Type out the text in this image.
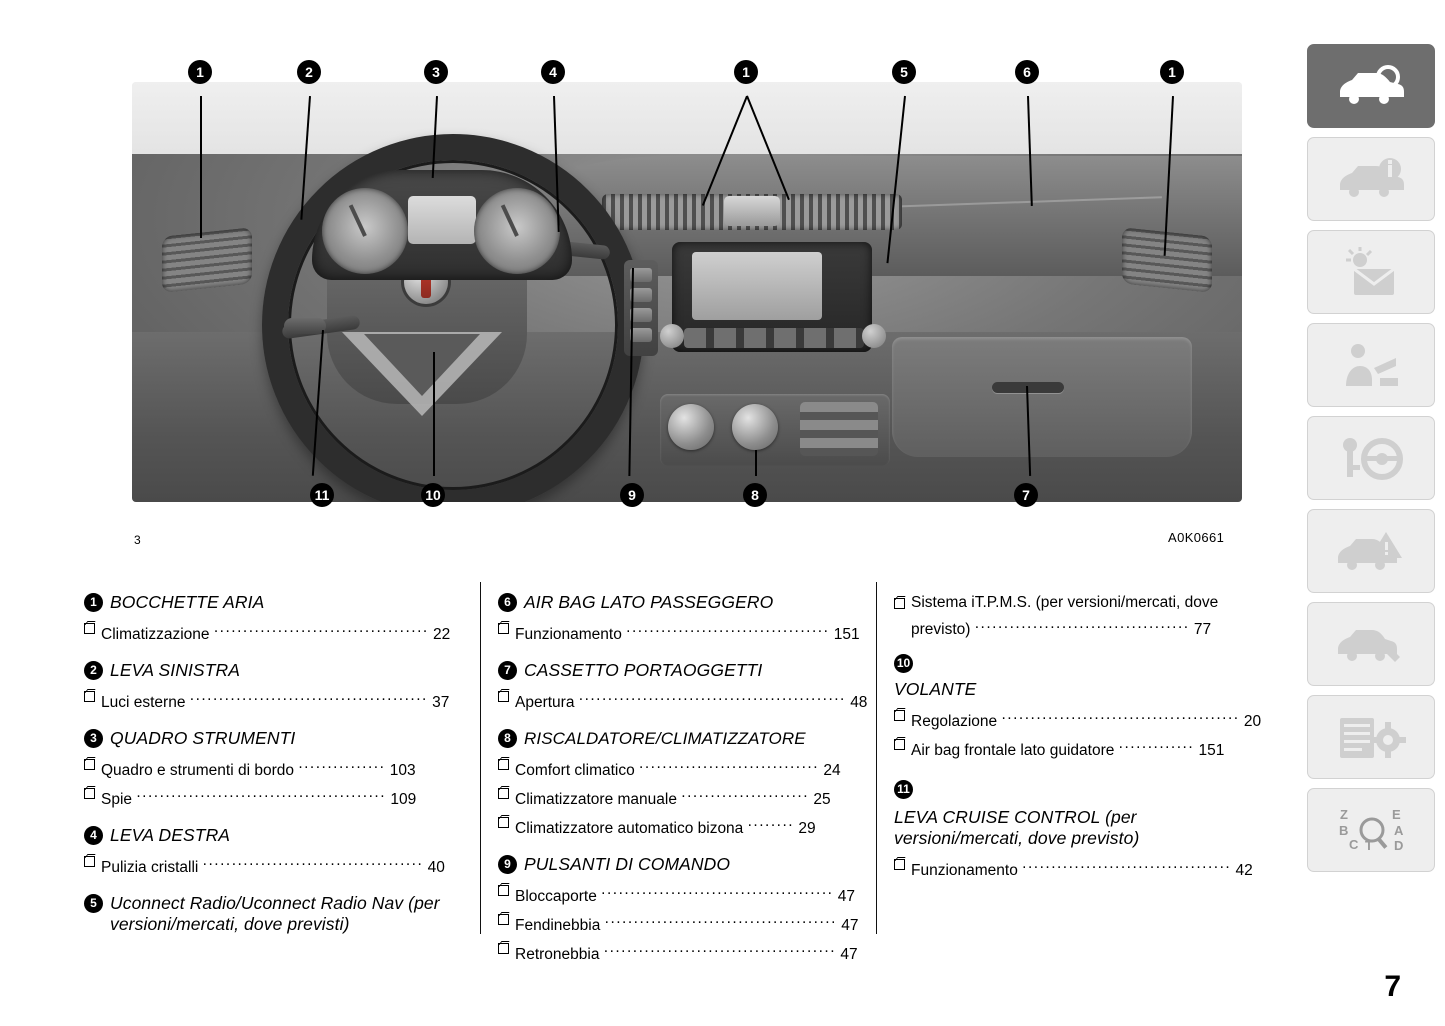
1	2	3	4	1	5	6	1
11	10	9	8	7
3	A0K0661
1 BOCCHETTE ARIA
Climatizzazione ..................................... 22
2 LEVA SINISTRA
Luci esterne ......................................... 37
3 QUADRO STRUMENTI
Quadro e strumenti di bordo ............... 103
Spie ........................................... 109
4 LEVA DESTRA
Pulizia cristalli ...................................... 40
5 Uconnect Radio/Uconnect Radio Nav (per versioni/mercati, dove previsti)
6 AIR BAG LATO PASSEGGERO
Funzionamento ................................... 151
7 CASSETTO PORTAOGGETTI
Apertura .............................................. 48
8 RISCALDATORE/CLIMATIZZATORE
Comfort climatico ............................... 24
Climatizzatore manuale ...................... 25
Climatizzatore automatico bizona ........ 29
9 PULSANTI DI COMANDO
Bloccaporte ........................................ 47
Fendinebbia ........................................ 47
Retronebbia ........................................ 47
Sistema iT.P.M.S. (per versioni/mercati, dove previsto) ..................................... 77
10
VOLANTE
Regolazione ......................................... 20
Air bag frontale lato guidatore ............. 151
11
LEVA CRUISE CONTROL (per versioni/mercati, dove previsto)
Funzionamento .................................... 42
Z
B
C
E
A
D
T
7
